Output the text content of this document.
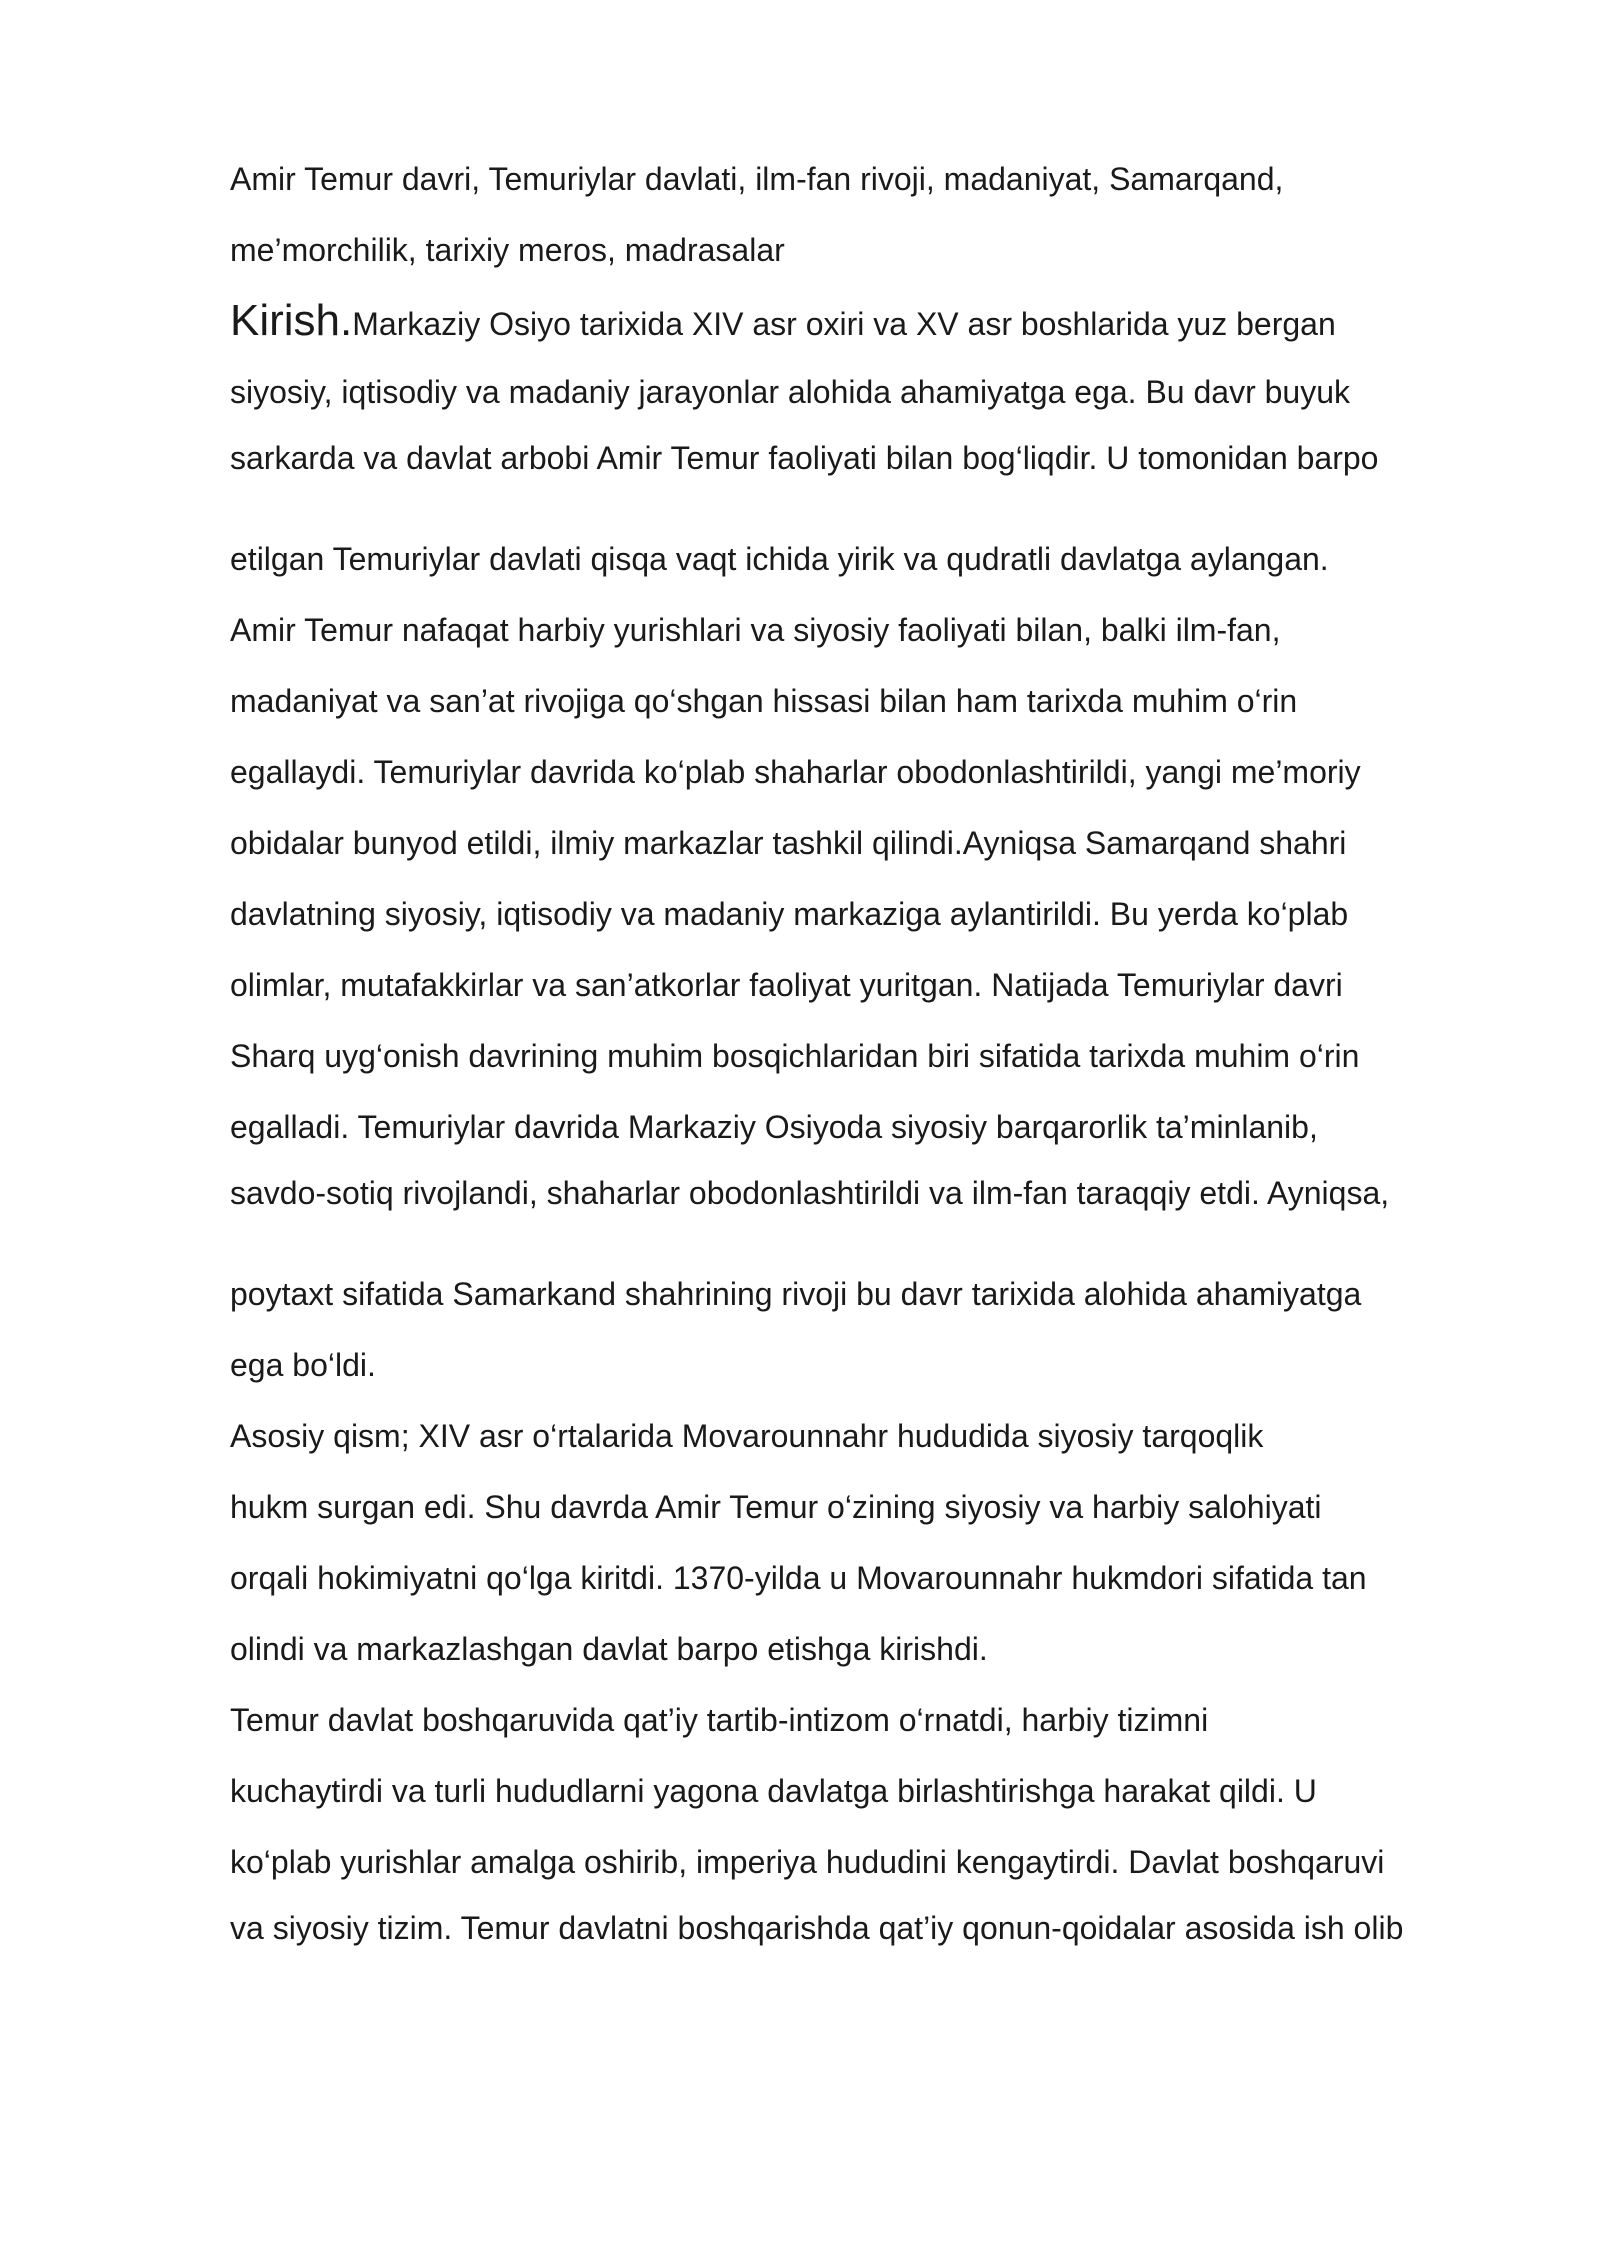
Amir Temur davri, Temuriylar davlati, ilm-fan rivoji, madaniyat, Samarqand,
me’morchilik, tarixiy meros, madrasalar
Kirish.Markaziy Osiyo tarixida XIV asr oxiri va XV asr boshlarida yuz bergan
siyosiy, iqtisodiy va madaniy jarayonlar alohida ahamiyatga ega. Bu davr buyuk
sarkarda va davlat arbobi Amir Temur faoliyati bilan bog‘liqdir. U tomonidan barpo
etilgan Temuriylar davlati qisqa vaqt ichida yirik va qudratli davlatga aylangan.
Amir Temur nafaqat harbiy yurishlari va siyosiy faoliyati bilan, balki ilm-fan,
madaniyat va san’at rivojiga qo‘shgan hissasi bilan ham tarixda muhim o‘rin
egallaydi. Temuriylar davrida ko‘plab shaharlar obodonlashtirildi, yangi me’moriy
obidalar bunyod etildi, ilmiy markazlar tashkil qilindi.Ayniqsa Samarqand shahri
davlatning siyosiy, iqtisodiy va madaniy markaziga aylantirildi. Bu yerda ko‘plab
olimlar, mutafakkirlar va san’atkorlar faoliyat yuritgan. Natijada Temuriylar davri
Sharq uyg‘onish davrining muhim bosqichlaridan biri sifatida tarixda muhim o‘rin
egalladi. Temuriylar davrida Markaziy Osiyoda siyosiy barqarorlik ta’minlanib,
savdo-sotiq rivojlandi, shaharlar obodonlashtirildi va ilm-fan taraqqiy etdi. Ayniqsa,
poytaxt sifatida Samarkand shahrining rivoji bu davr tarixida alohida ahamiyatga
ega bo‘ldi.
Asosiy qism; XIV asr o‘rtalarida Movarounnahr hududida siyosiy tarqoqlik
hukm surgan edi. Shu davrda Amir Temur o‘zining siyosiy va harbiy salohiyati
orqali hokimiyatni qo‘lga kiritdi. 1370-yilda u Movarounnahr hukmdori sifatida tan
olindi va markazlashgan davlat barpo etishga kirishdi.
Temur davlat boshqaruvida qat’iy tartib-intizom o‘rnatdi, harbiy tizimni
kuchaytirdi va turli hududlarni yagona davlatga birlashtirishga harakat qildi. U
ko‘plab yurishlar amalga oshirib, imperiya hududini kengaytirdi. Davlat boshqaruvi
va siyosiy tizim. Temur davlatni boshqarishda qat’iy qonun-qoidalar asosida ish olib
